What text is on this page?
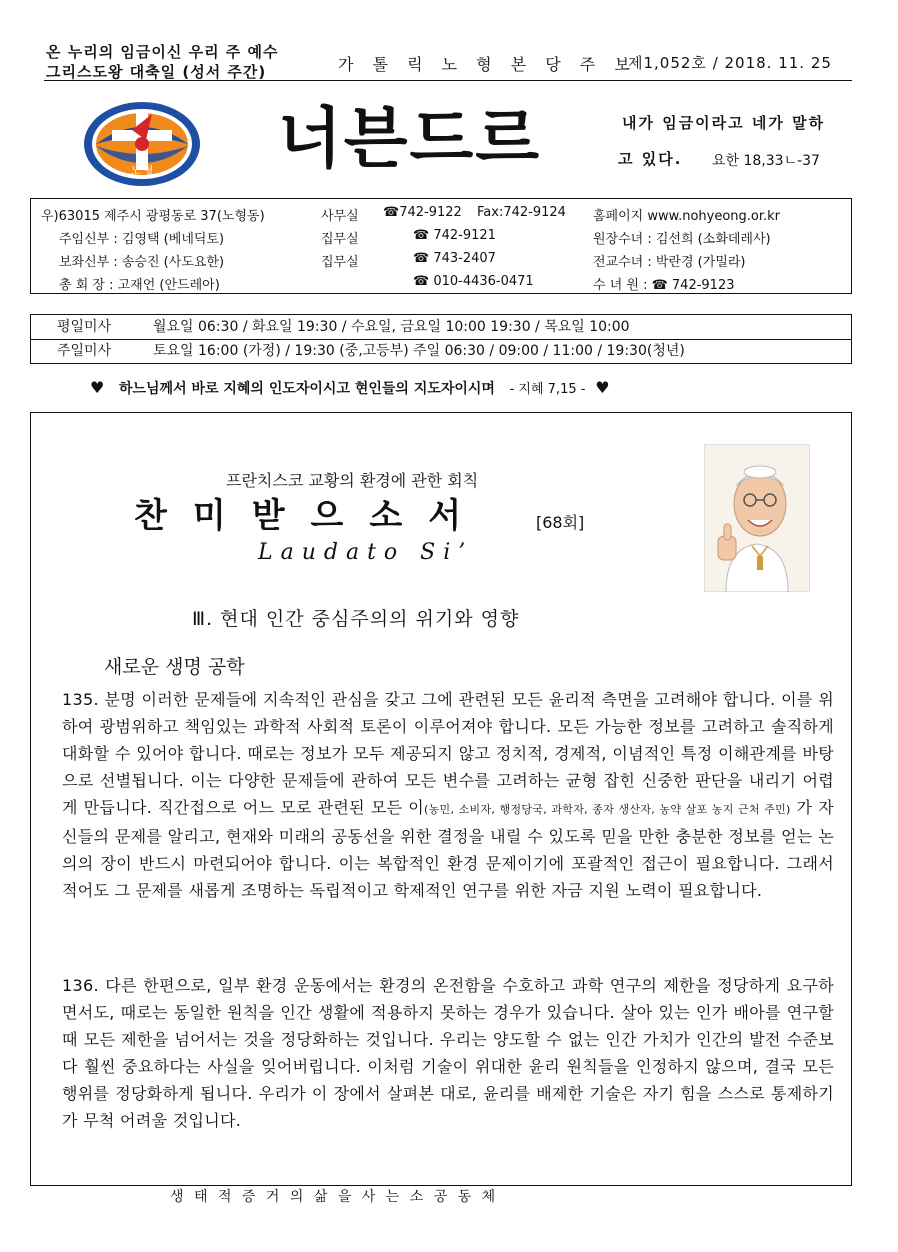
온 누리의 임금이신 우리 주 예수
그리스도왕 대축일 (성서 주간)	가 톨 릭 노 형 본 당 주 보
제1,052호 / 2018. 11. 25
노 형 너븐드르	내가 임금이라고 네가 말하
고 있다. 요한 18,33ㄴ-37
우)63015 제주시 광평동로 37(노형동)	사무실 ☎742-9122 Fax:742-9124 홈페이지 www.nohyeong.or.kr
주임신부 : 김영택 (베네딕토)	집무실	☎ 742-9121	원장수녀 : 김선희 (소화데레사)
보좌신부 : 송승진 (사도요한)	집무실	☎ 743-2407	전교수녀 : 박란경 (가밀라)
총 회 장 : 고재언 (안드레아)	☎ 010-4436-0471	수 녀 원 : ☎ 742-9123
평일미사	월요일 06:30 / 화요일 19:30 / 수요일, 금요일 10:00 19:30 / 목요일 10:00
주일미사	토요일 16:00 (가정) / 19:30 (중,고등부) 주일 06:30 / 09:00 / 11:00 / 19:30(청년)
♥ 하느님께서 바로 지혜의 인도자이시고 현인들의 지도자이시며 - 지혜 7,15 - ♥
프란치스코 교황의 환경에 관한 회칙
찬미받으소서	[68회]
Laudato Si’
Ⅲ. 현대 인간 중심주의의 위기와 영향
새로운 생명 공학
135. 분명 이러한 문제들에 지속적인 관심을 갖고 그에 관련된 모든 윤리적 측면을 고려해야 합니다. 이를 위하여 광범위하고 책임있는 과학적 사회적 토론이 이루어져야 합니다. 모든 가능한 정보를 고려하고 솔직하게 대화할 수 있어야 합니다. 때로는 정보가 모두 제공되지 않고 정치적, 경제적, 이념적인 특정 이해관계를 바탕으로 선별됩니다. 이는 다양한 문제들에 관하여 모든 변수를 고려하는 균형 잡힌 신중한 판단을 내리기 어렵게 만듭니다. 직간접으로 어느 모로 관련된 모든 이(농민, 소비자, 행정당국, 과학자, 종자 생산자, 농약 살포 농지 근처 주민) 가 자신들의 문제를 알리고, 현재와 미래의 공동선을 위한 결정을 내릴 수 있도록 믿을 만한 충분한 정보를 얻는 논의의 장이 반드시 마련되어야 합니다. 이는 복합적인 환경 문제이기에 포괄적인 접근이 필요합니다. 그래서 적어도 그 문제를 새롭게 조명하는 독립적이고 학제적인 연구를 위한 자금 지원 노력이 필요합니다.
136. 다른 한편으로, 일부 환경 운동에서는 환경의 온전함을 수호하고 과학 연구의 제한을 정당하게 요구하면서도, 때로는 동일한 원칙을 인간 생활에 적용하지 못하는 경우가 있습니다. 살아 있는 인가 배아를 연구할 때 모든 제한을 넘어서는 것을 정당화하는 것입니다. 우리는 양도할 수 없는 인간 가치가 인간의 발전 수준보다 훨씬 중요하다는 사실을 잊어버립니다. 이처럼 기술이 위대한 윤리 원칙들을 인정하지 않으며, 결국 모든 행위를 정당화하게 됩니다. 우리가 이 장에서 살펴본 대로, 윤리를 배제한 기술은 자기 힘을 스스로 통제하기가 무척 어려울 것입니다.
생 태 적 증 거 의 삶 을 사 는 소 공 동 체
